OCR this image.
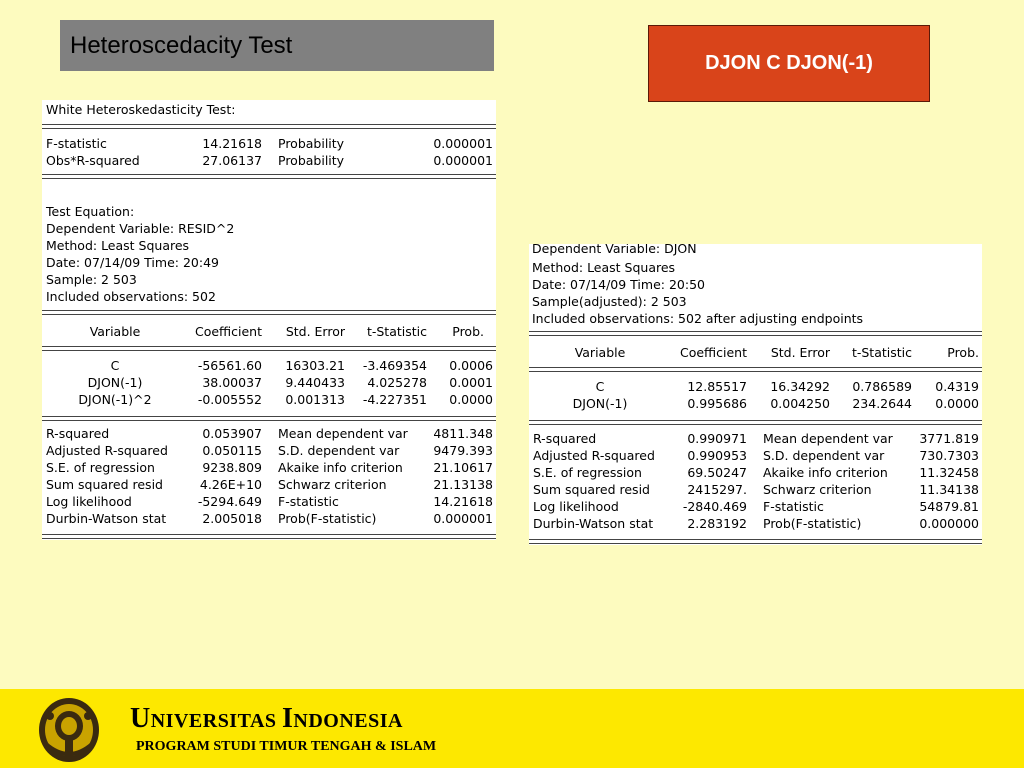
Heteroscedacity Test
DJON C DJON(-1)
White Heteroskedasticity Test:
F-statistic	14.21618 Probability	0.000001
Obs*R-squared	27.06137 Probability	0.000001
Test Equation:
Dependent Variable: RESID^2
Method: Least Squares
Date: 07/14/09 Time: 20:49
Sample: 2 503
Included observations: 502
Variable	Coefficient	Std. Error	t-Statistic	Prob.
C	-56561.60	16303.21	-3.469354	0.0006
DJON(-1)	38.00037	9.440433	4.025278	0.0001
DJON(-1)^2	-0.005552	0.001313	-4.227351	0.0000
R-squared	0.053907 Mean dependent var	4811.348
Adjusted R-squared	0.050115 S.D. dependent var	9479.393
S.E. of regression	9238.809 Akaike info criterion	21.10617
Sum squared resid	4.26E+10 Schwarz criterion	21.13138
Log likelihood	-5294.649 F-statistic	14.21618
Durbin-Watson stat	2.005018 Prob(F-statistic)	0.000001
Dependent Variable: DJON
Method: Least Squares
Date: 07/14/09 Time: 20:50
Sample(adjusted): 2 503
Included observations: 502 after adjusting endpoints
Variable	Coefficient	Std. Error	t-Statistic	Prob.
C	12.85517	16.34292	0.786589	0.4319
DJON(-1)	0.995686	0.004250	234.2644	0.0000
R-squared	0.990971 Mean dependent var	3771.819
Adjusted R-squared	0.990953 S.D. dependent var	730.7303
S.E. of regression	69.50247 Akaike info criterion	11.32458
Sum squared resid	2415297. Schwarz criterion	11.34138
Log likelihood	-2840.469 F-statistic	54879.81
Durbin-Watson stat	2.283192 Prob(F-statistic)	0.000000
UNIVERSITAS INDONESIA
PROGRAM STUDI TIMUR TENGAH & ISLAM
